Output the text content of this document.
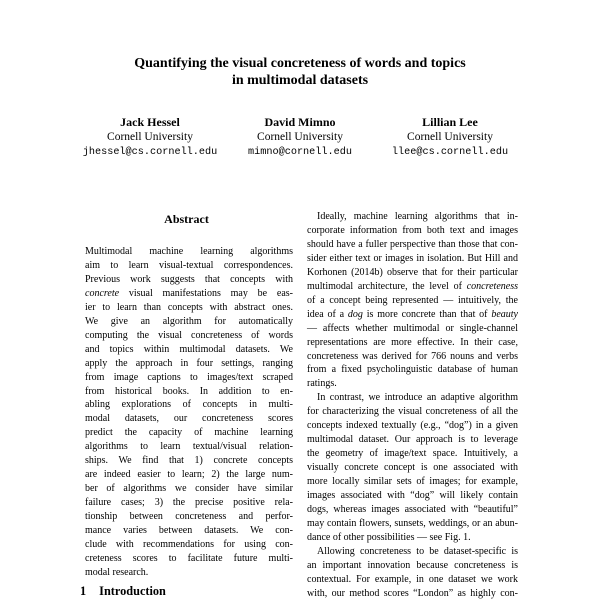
Quantifying the visual concreteness of words and topics
in multimodal datasets
Jack Hessel
Cornell University
jhessel@cs.cornell.edu
David Mimno
Cornell University
mimno@cornell.edu
Lillian Lee
Cornell University
llee@cs.cornell.edu
Abstract
Multimodal machine learning algorithms
aim to learn visual-textual correspondences.
Previous work suggests that concepts with
concrete visual manifestations may be eas-
ier to learn than concepts with abstract ones.
We give an algorithm for automatically
computing the visual concreteness of words
and topics within multimodal datasets. We
apply the approach in four settings, ranging
from image captions to images/text scraped
from historical books. In addition to en-
abling explorations of concepts in multi-
modal datasets, our concreteness scores
predict the capacity of machine learning
algorithms to learn textual/visual relation-
ships. We find that 1) concrete concepts
are indeed easier to learn; 2) the large num-
ber of algorithms we consider have similar
failure cases; 3) the precise positive rela-
tionship between concreteness and perfor-
mance varies between datasets. We con-
clude with recommendations for using con-
creteness scores to facilitate future multi-
modal research.
1 Introduction
Ideally, machine learning algorithms that in-
corporate information from both text and images
should have a fuller perspective than those that con-
sider either text or images in isolation. But Hill and
Korhonen (2014b) observe that for their particular
multimodal architecture, the level of concreteness
of a concept being represented — intuitively, the
idea of a dog is more concrete than that of beauty
— affects whether multimodal or single-channel
representations are more effective. In their case,
concreteness was derived for 766 nouns and verbs
from a fixed psycholinguistic database of human
ratings.
In contrast, we introduce an adaptive algorithm
for characterizing the visual concreteness of all the
concepts indexed textually (e.g., “dog”) in a given
multimodal dataset. Our approach is to leverage
the geometry of image/text space. Intuitively, a
visually concrete concept is one associated with
more locally similar sets of images; for example,
images associated with “dog” will likely contain
dogs, whereas images associated with “beautiful”
may contain flowers, sunsets, weddings, or an abun-
dance of other possibilities — see Fig. 1.
Allowing concreteness to be dataset-specific is
an important innovation because concreteness is
contextual. For example, in one dataset we work
with, our method scores “London” as highly con-
